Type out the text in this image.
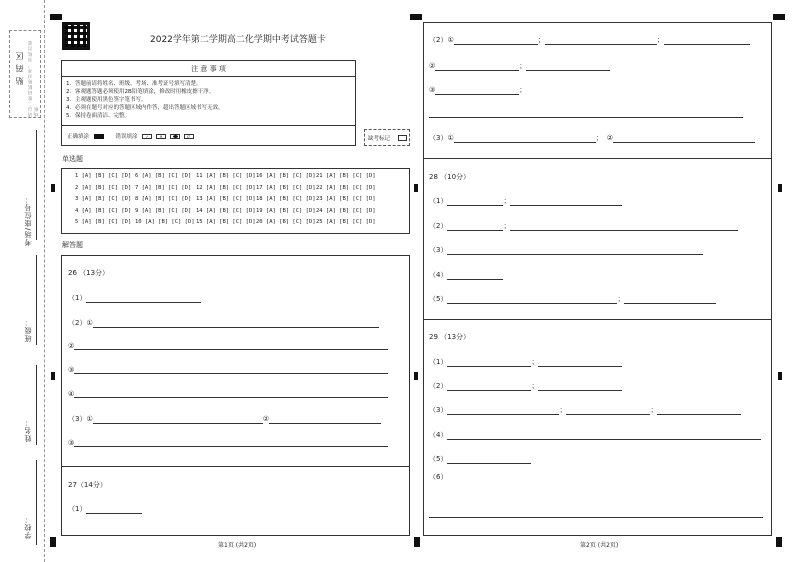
贴 码 区 请以二维码粘贴对齐，勿贴出虚线框
考场/座位号：
班级：
姓名：
学校：
2022学年第二学期高二化学期中考试答题卡
注 意 事 项
1．答题前请将姓名、班级、考场、准考证号填写清楚。
2．客观题答题必须使用2B铅笔填涂，修改时用橡皮擦干净。
3．主观题使用黑色签字笔书写。
4．必须在题号对应的答题区域内作答，超出答题区域书写无效。
5．保持卷面清洁、完整。
正确填涂	错误填涂 ✓	✕	//	缺考标记
单选题
1 [A] [B] [C] [D]
2 [A] [B] [C] [D]
3 [A] [B] [C] [D]
4 [A] [B] [C] [D]
5 [A] [B] [C] [D]
6 [A] [B] [C] [D]
7 [A] [B] [C] [D]
8 [A] [B] [C] [D]
9 [A] [B] [C] [D]
10 [A] [B] [C] [D]
11 [A] [B] [C] [D]
12 [A] [B] [C] [D]
13 [A] [B] [C] [D]
14 [A] [B] [C] [D]
15 [A] [B] [C] [D]
16 [A] [B] [C] [D]
17 [A] [B] [C] [D]
18 [A] [B] [C] [D]
19 [A] [B] [C] [D]
20 [A] [B] [C] [D]
21 [A] [B] [C] [D]
22 [A] [B] [C] [D]
23 [A] [B] [C] [D]
24 [A] [B] [C] [D]
25 [A] [B] [C] [D]
解答题
26 （13分）
（1）
（2）①
②
③
④
（3）①	②
③
27（14分）
（1）
第1页 (共2页)
（2）①	；	；
②	；
③	；
（3）①	； ②
28 （10分）
（1）	；
（2）	；
（3）
（4）
（5）	；
29 （13分）
（1）	；
（2）	；
（3）	；	；
（4）
（5）
（6）
第2页 (共2页)
